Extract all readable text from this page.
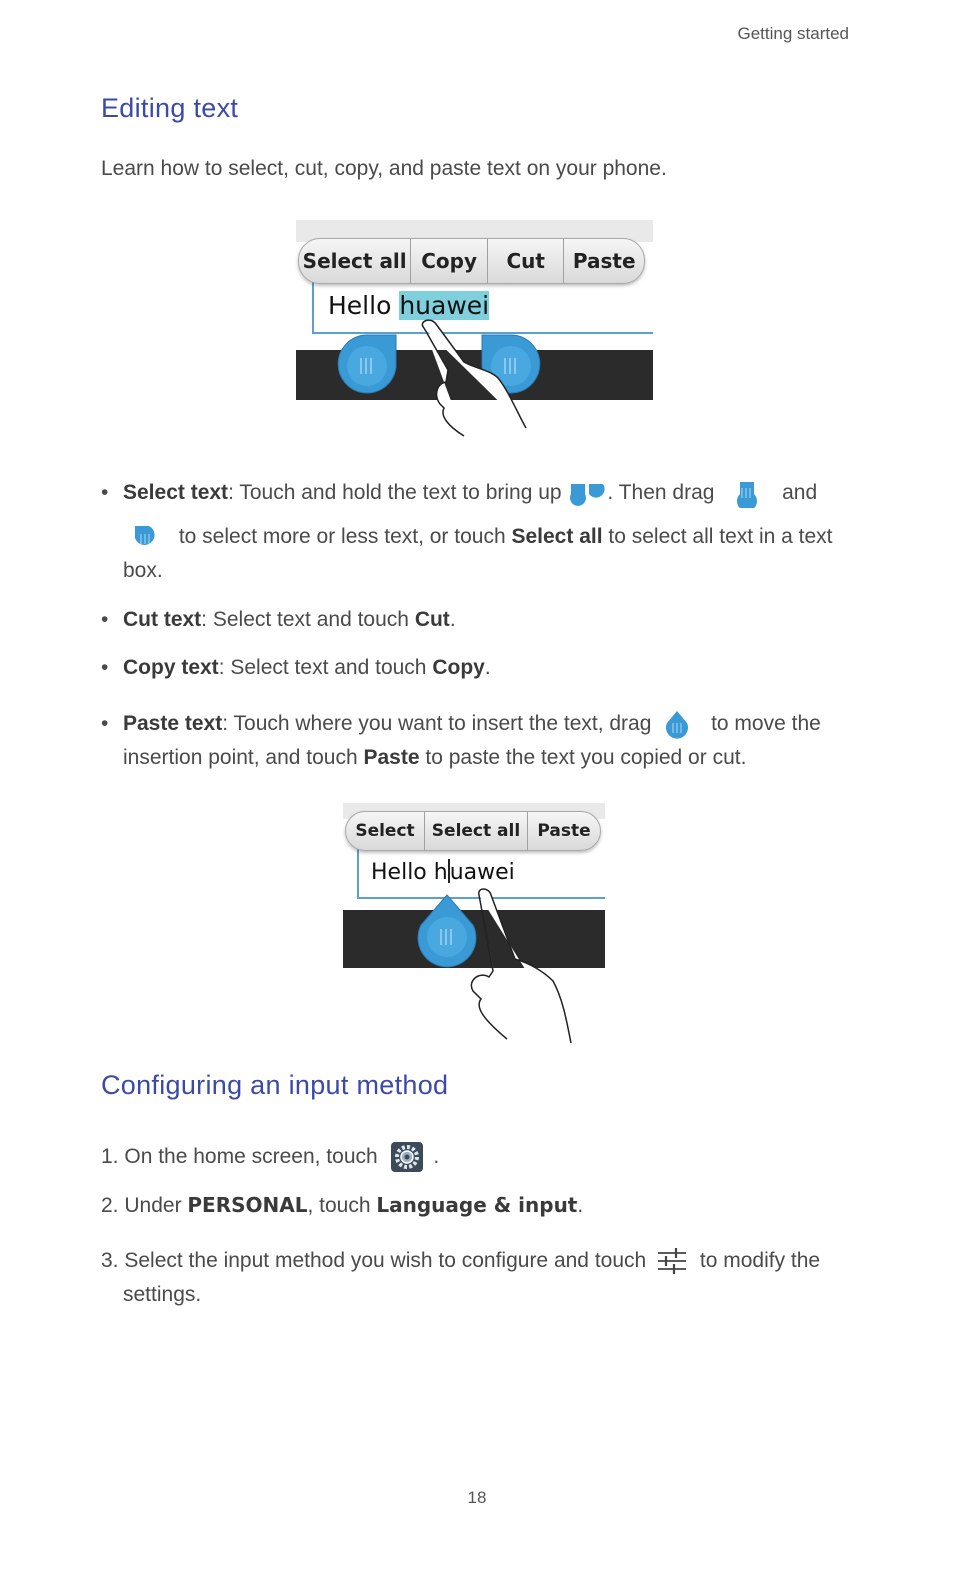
Getting started
Editing text
Learn how to select, cut, copy, and paste text on your phone.
Hello huawei
Select all Copy	Cut	Paste
• Select text: Touch and hold the text to bring up . Then drag	and
to select more or less text, or touch Select all to select all text in a text
box.
• Cut text: Select text and touch Cut.
• Copy text: Select text and touch Copy.
• Paste text: Touch where you want to insert the text, drag  to move the
insertion point, and touch Paste to paste the text you copied or cut.
Hello huawei
Select	Select all	Paste
Configuring an input method
1. On the home screen, touch  .
2. Under PERSONAL, touch Language & input.
3. Select the input method you wish to configure and touch  to modify the
settings.
18
